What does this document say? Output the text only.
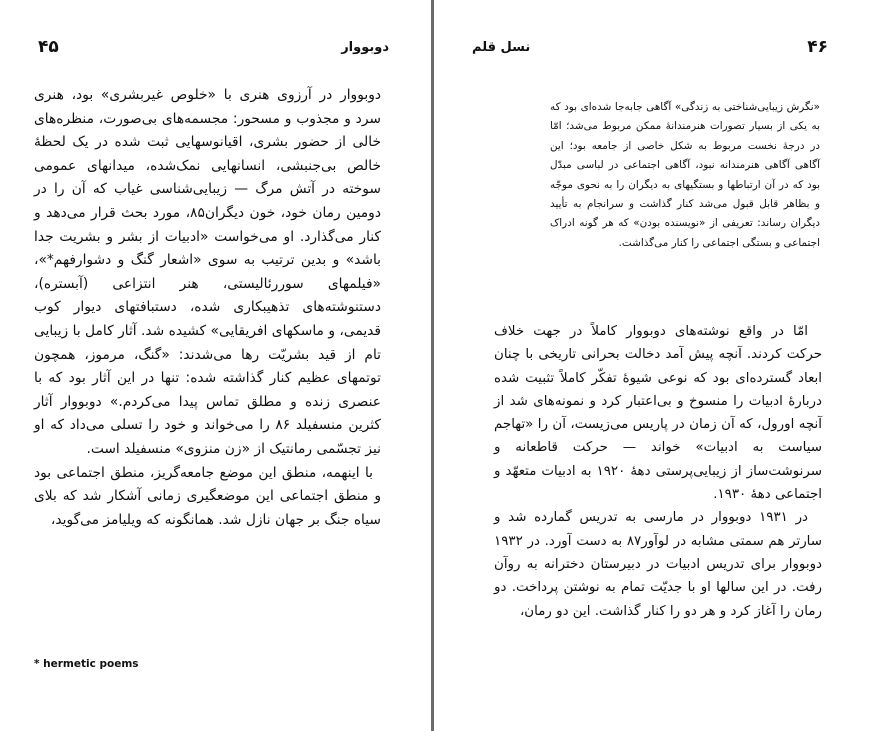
دوبووار
۴۵

دوبووار در آرزوی هنری با «خلوص غیربشری» بود، هنری سرد و مجذوب و مسحور: مجسمه‌های بی‌صورت، منظره‌های خالی از حضور بشری، اقیانوسهایی ثبت شده در یک لحظهٔ خالص بی‌جنبشی، انسانهایی نمک‌شده، میدانهای عمومی سوخته در آتش مرگ — زیبایی‌شناسی غیاب که آن را در دومین رمان خود، خون دیگران۸۵، مورد بحث قرار می‌دهد و کنار می‌گذارد. او می‌خواست «ادبیات از بشر و بشریت جدا باشد» و بدین ترتیب به سوی «اشعار گنگ و دشوارفهم*»، «فیلمهای سوررئالیستی، هنر انتزاعی (آبستره)، دستنوشته‌های تذهیبکاری شده، دستبافتهای دیوار کوب قدیمی، و ماسکهای افریقایی» کشیده شد. آثار کامل با زیبایی تام از قید بشریّت رها می‌شدند: «گنگ، مرموز، همچون توتمهای عظیم کنار گذاشته شده: تنها در این آثار بود که با عنصری زنده و مطلق تماس پیدا می‌کردم.» دوبووار آثار کثرین منسفیلد ۸۶ را می‌خواند و خود را تسلی می‌داد که او نیز تجسّمی رمانتیک از «زن منزوی» منسفیلد است.

با اینهمه، منطق این موضع جامعه‌گریز، منطق اجتماعی بود و منطق اجتماعی این موضعگیری زمانی آشکار شد که بلای سیاه جنگ بر جهان نازل شد. همانگونه که ویلیامز می‌گوید،

* hermetic poems
۴۶
نسل قلم

«نگرش زیبایی‌شناختی به زندگی» آگاهی جابه‌جا شده‌ای بود که به یکی از بسیار تصورات هنرمندانهٔ ممکن مربوط می‌شد؛ امّا در درجهٔ نخست مربوط به شکل خاصی از جامعه بود؛ این آگاهی آگاهی هنرمندانه نبود، آگاهی اجتماعی در لباسی مبدّل بود که در آن ارتباطها و بستگیهای به دیگران را به نحوی موجّه و بظاهر قابل قبول می‌شد کنار گذاشت و سرانجام به تأیید دیگران رساند: تعریفی از «نویسنده بودن» که هر گونه ادراک اجتماعی و بستگی اجتماعی را کنار می‌گذاشت.

امّا در واقع نوشته‌های دوبووار کاملاً در جهت خلاف حرکت کردند. آنچه پیش آمد دخالت بحرانی تاریخی با چنان ابعاد گسترده‌ای بود که نوعی شیوهٔ تفکّر کاملاً تثبیت شده دربارهٔ ادبیات را منسوخ و بی‌اعتبار کرد و نمونه‌های شد از آنچه اورول، که آن زمان در پاریس می‌زیست، آن را «تهاجم سیاست به ادبیات» خواند — حرکت قاطعانه و سرنوشت‌ساز از زیبایی‌پرستی دههٔ ۱۹۲۰ به ادبیات متعهّد و اجتماعی دههٔ ۱۹۳۰.

در ۱۹۳۱ دوبووار در مارسی به تدریس گمارده شد و سارتر هم سمتی مشابه در لوآور۸۷ به دست آورد. در ۱۹۳۲ دوبووار برای تدریس ادبیات در دبیرستان دخترانه به روآن رفت. در این سالها او با جدیّت تمام به نوشتن پرداخت. دو رمان را آغاز کرد و هر دو را کنار گذاشت. این دو رمان،
